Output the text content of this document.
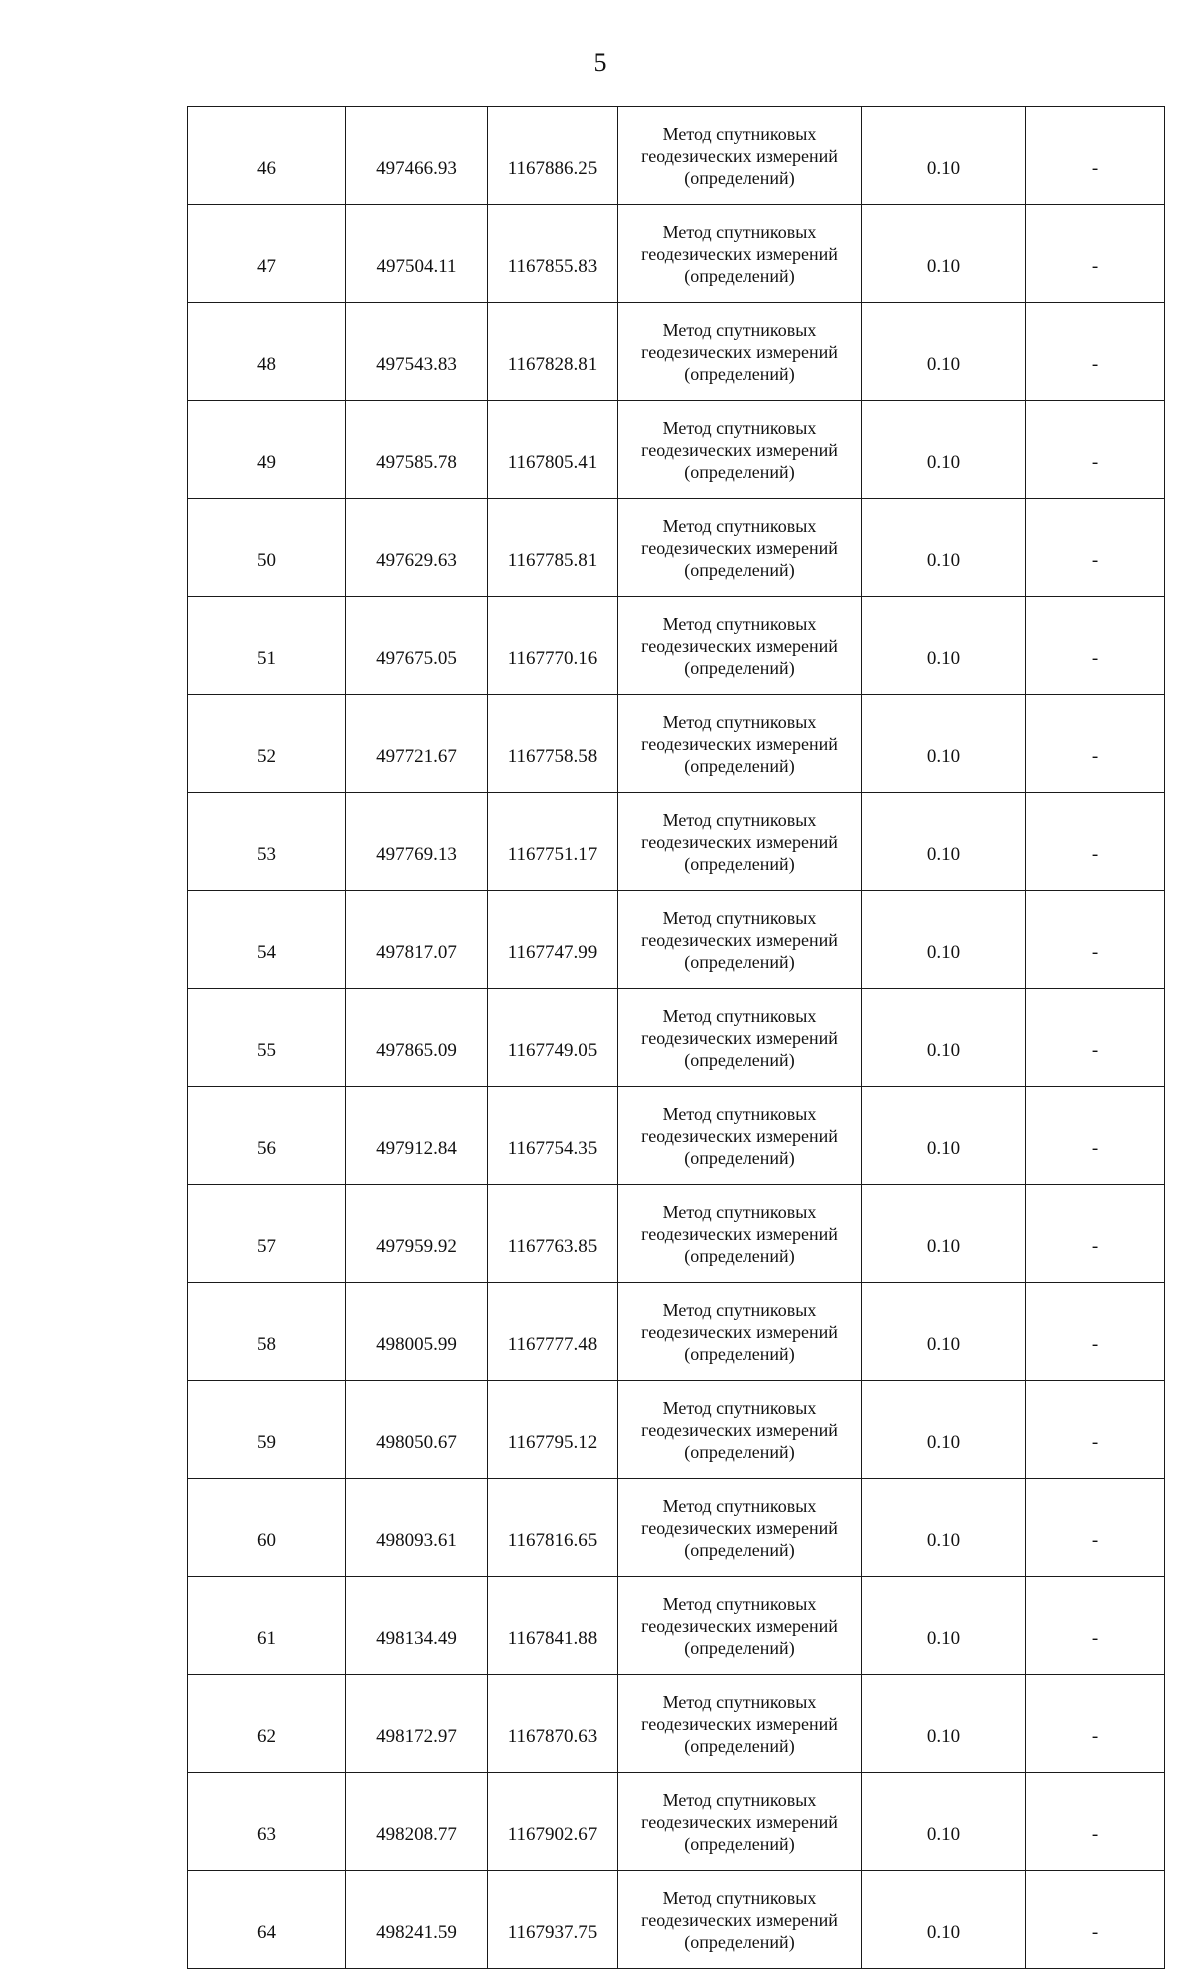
5
46	497466.93	1167886.25	Метод спутниковых
геодезических измерений
(определений)	0.10	-
47	497504.11	1167855.83	Метод спутниковых
геодезических измерений
(определений)	0.10	-
48	497543.83	1167828.81	Метод спутниковых
геодезических измерений
(определений)	0.10	-
49	497585.78	1167805.41	Метод спутниковых
геодезических измерений
(определений)	0.10	-
50	497629.63	1167785.81	Метод спутниковых
геодезических измерений
(определений)	0.10	-
51	497675.05	1167770.16	Метод спутниковых
геодезических измерений
(определений)	0.10	-
52	497721.67	1167758.58	Метод спутниковых
геодезических измерений
(определений)	0.10	-
53	497769.13	1167751.17	Метод спутниковых
геодезических измерений
(определений)	0.10	-
54	497817.07	1167747.99	Метод спутниковых
геодезических измерений
(определений)	0.10	-
55	497865.09	1167749.05	Метод спутниковых
геодезических измерений
(определений)	0.10	-
56	497912.84	1167754.35	Метод спутниковых
геодезических измерений
(определений)	0.10	-
57	497959.92	1167763.85	Метод спутниковых
геодезических измерений
(определений)	0.10	-
58	498005.99	1167777.48	Метод спутниковых
геодезических измерений
(определений)	0.10	-
59	498050.67	1167795.12	Метод спутниковых
геодезических измерений
(определений)	0.10	-
60	498093.61	1167816.65	Метод спутниковых
геодезических измерений
(определений)	0.10	-
61	498134.49	1167841.88	Метод спутниковых
геодезических измерений
(определений)	0.10	-
62	498172.97	1167870.63	Метод спутниковых
геодезических измерений
(определений)	0.10	-
63	498208.77	1167902.67	Метод спутниковых
геодезических измерений
(определений)	0.10	-
64	498241.59	1167937.75	Метод спутниковых
геодезических измерений
(определений)	0.10	-
